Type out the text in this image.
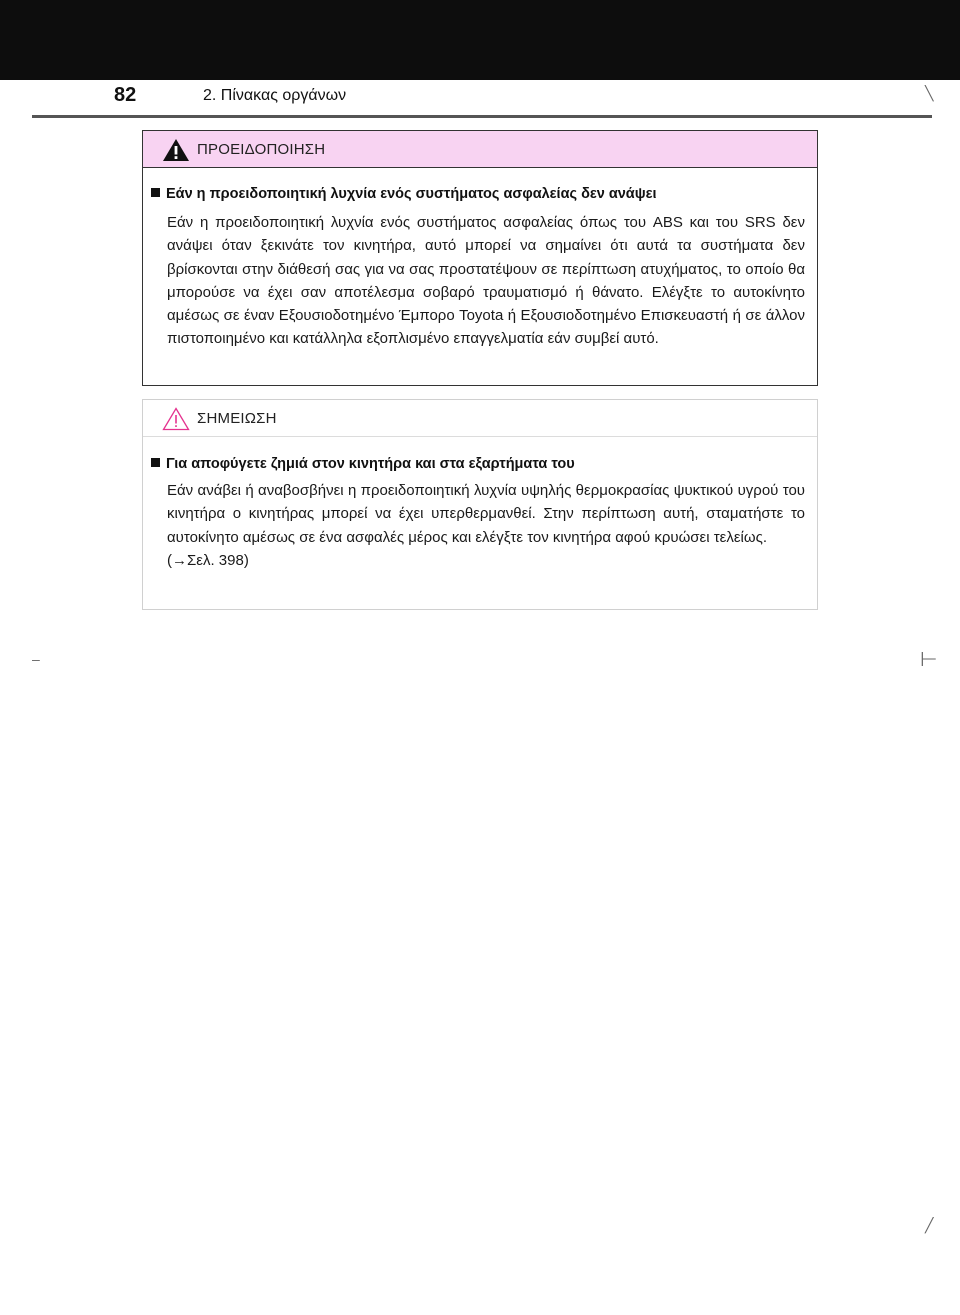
82	2. Πίνακας οργάνων	╲
–	⊢
╱
ΠΡΟΕΙΔΟΠΟΙΗΣΗ
Εάν η προειδοποιητική λυχνία ενός συστήματος ασφαλείας δεν ανάψει
Εάν η προειδοποιητική λυχνία ενός συστήματος ασφαλείας όπως του ABS και του SRS δεν ανάψει όταν ξεκινάτε τον κινητήρα, αυτό μπορεί να σημαίνει ότι αυτά τα συστήματα δεν βρίσκονται στην διάθεσή σας για να σας προστατέψουν σε περίπτωση ατυχήματος, το οποίο θα μπορούσε να έχει σαν αποτέλεσμα σοβαρό τραυματισμό ή θάνατο. Ελέγξτε το αυτοκίνητο αμέσως σε έναν Εξουσιοδοτημένο Έμπορο Toyota ή Εξουσιοδοτημένο Επισκευαστή ή σε άλλον πιστοποιημένο και κατάλληλα εξοπλισμένο επαγγελματία εάν συμβεί αυτό.
ΣΗΜΕΙΩΣΗ
Για αποφύγετε ζημιά στον κινητήρα και στα εξαρτήματα του
Εάν ανάβει ή αναβοσβήνει η προειδοποιητική λυχνία υψηλής θερμοκρασίας ψυκτικού υγρού του κινητήρα ο κινητήρας μπορεί να έχει υπερθερμανθεί. Στην περίπτωση αυτή, σταματήστε το αυτοκίνητο αμέσως σε ένα ασφαλές μέρος και ελέγξτε τον κινητήρα αφού κρυώσει τελείως.
(→Σελ. 398)
